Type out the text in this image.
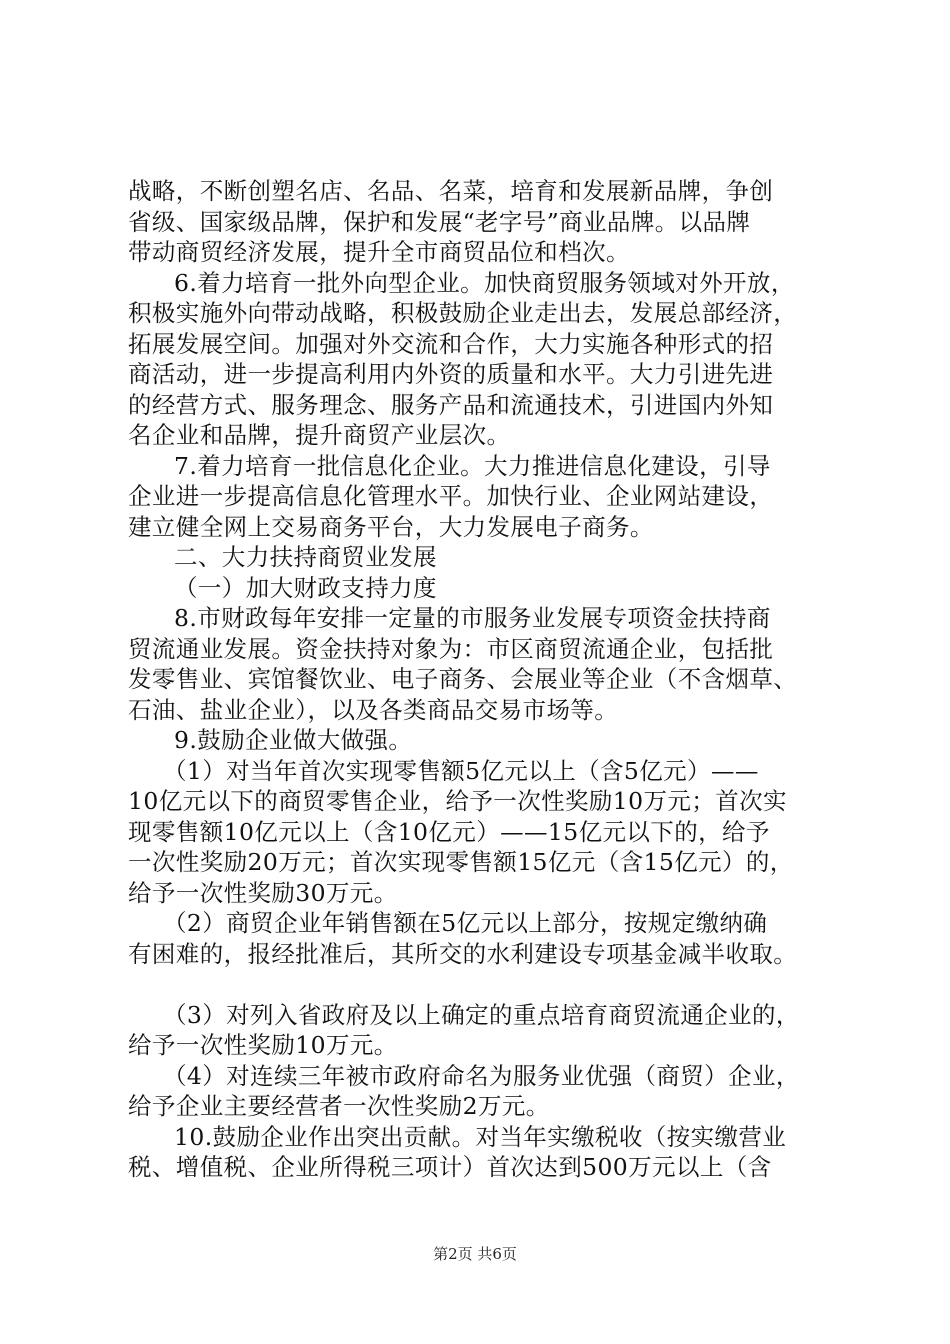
战略，不断创塑名店、名品、名菜，培育和发展新品牌，争创
省级、国家级品牌，保护和发展“老字号”商业品牌。以品牌
带动商贸经济发展，提升全市商贸品位和档次。
6.着力培育一批外向型企业。加快商贸服务领域对外开放，
积极实施外向带动战略，积极鼓励企业走出去，发展总部经济，
拓展发展空间。加强对外交流和合作，大力实施各种形式的招
商活动，进一步提高利用内外资的质量和水平。大力引进先进
的经营方式、服务理念、服务产品和流通技术，引进国内外知
名企业和品牌，提升商贸产业层次。
7.着力培育一批信息化企业。大力推进信息化建设，引导
企业进一步提高信息化管理水平。加快行业、企业网站建设，
建立健全网上交易商务平台，大力发展电子商务。
二、大力扶持商贸业发展
（一）加大财政支持力度
8.市财政每年安排一定量的市服务业发展专项资金扶持商
贸流通业发展。资金扶持对象为：市区商贸流通企业，包括批
发零售业、宾馆餐饮业、电子商务、会展业等企业（不含烟草、
石油、盐业企业），以及各类商品交易市场等。
9.鼓励企业做大做强。
（1）对当年首次实现零售额5亿元以上（含5亿元）——
10亿元以下的商贸零售企业，给予一次性奖励10万元；首次实
现零售额10亿元以上（含10亿元）——15亿元以下的，给予
一次性奖励20万元；首次实现零售额15亿元（含15亿元）的，
给予一次性奖励30万元。
（2）商贸企业年销售额在5亿元以上部分，按规定缴纳确
有困难的，报经批准后，其所交的水利建设专项基金减半收取。
（3）对列入省政府及以上确定的重点培育商贸流通企业的，
给予一次性奖励10万元。
（4）对连续三年被市政府命名为服务业优强（商贸）企业，
给予企业主要经营者一次性奖励2万元。
10.鼓励企业作出突出贡献。对当年实缴税收（按实缴营业
税、增值税、企业所得税三项计）首次达到500万元以上（含
第2页 共6页
